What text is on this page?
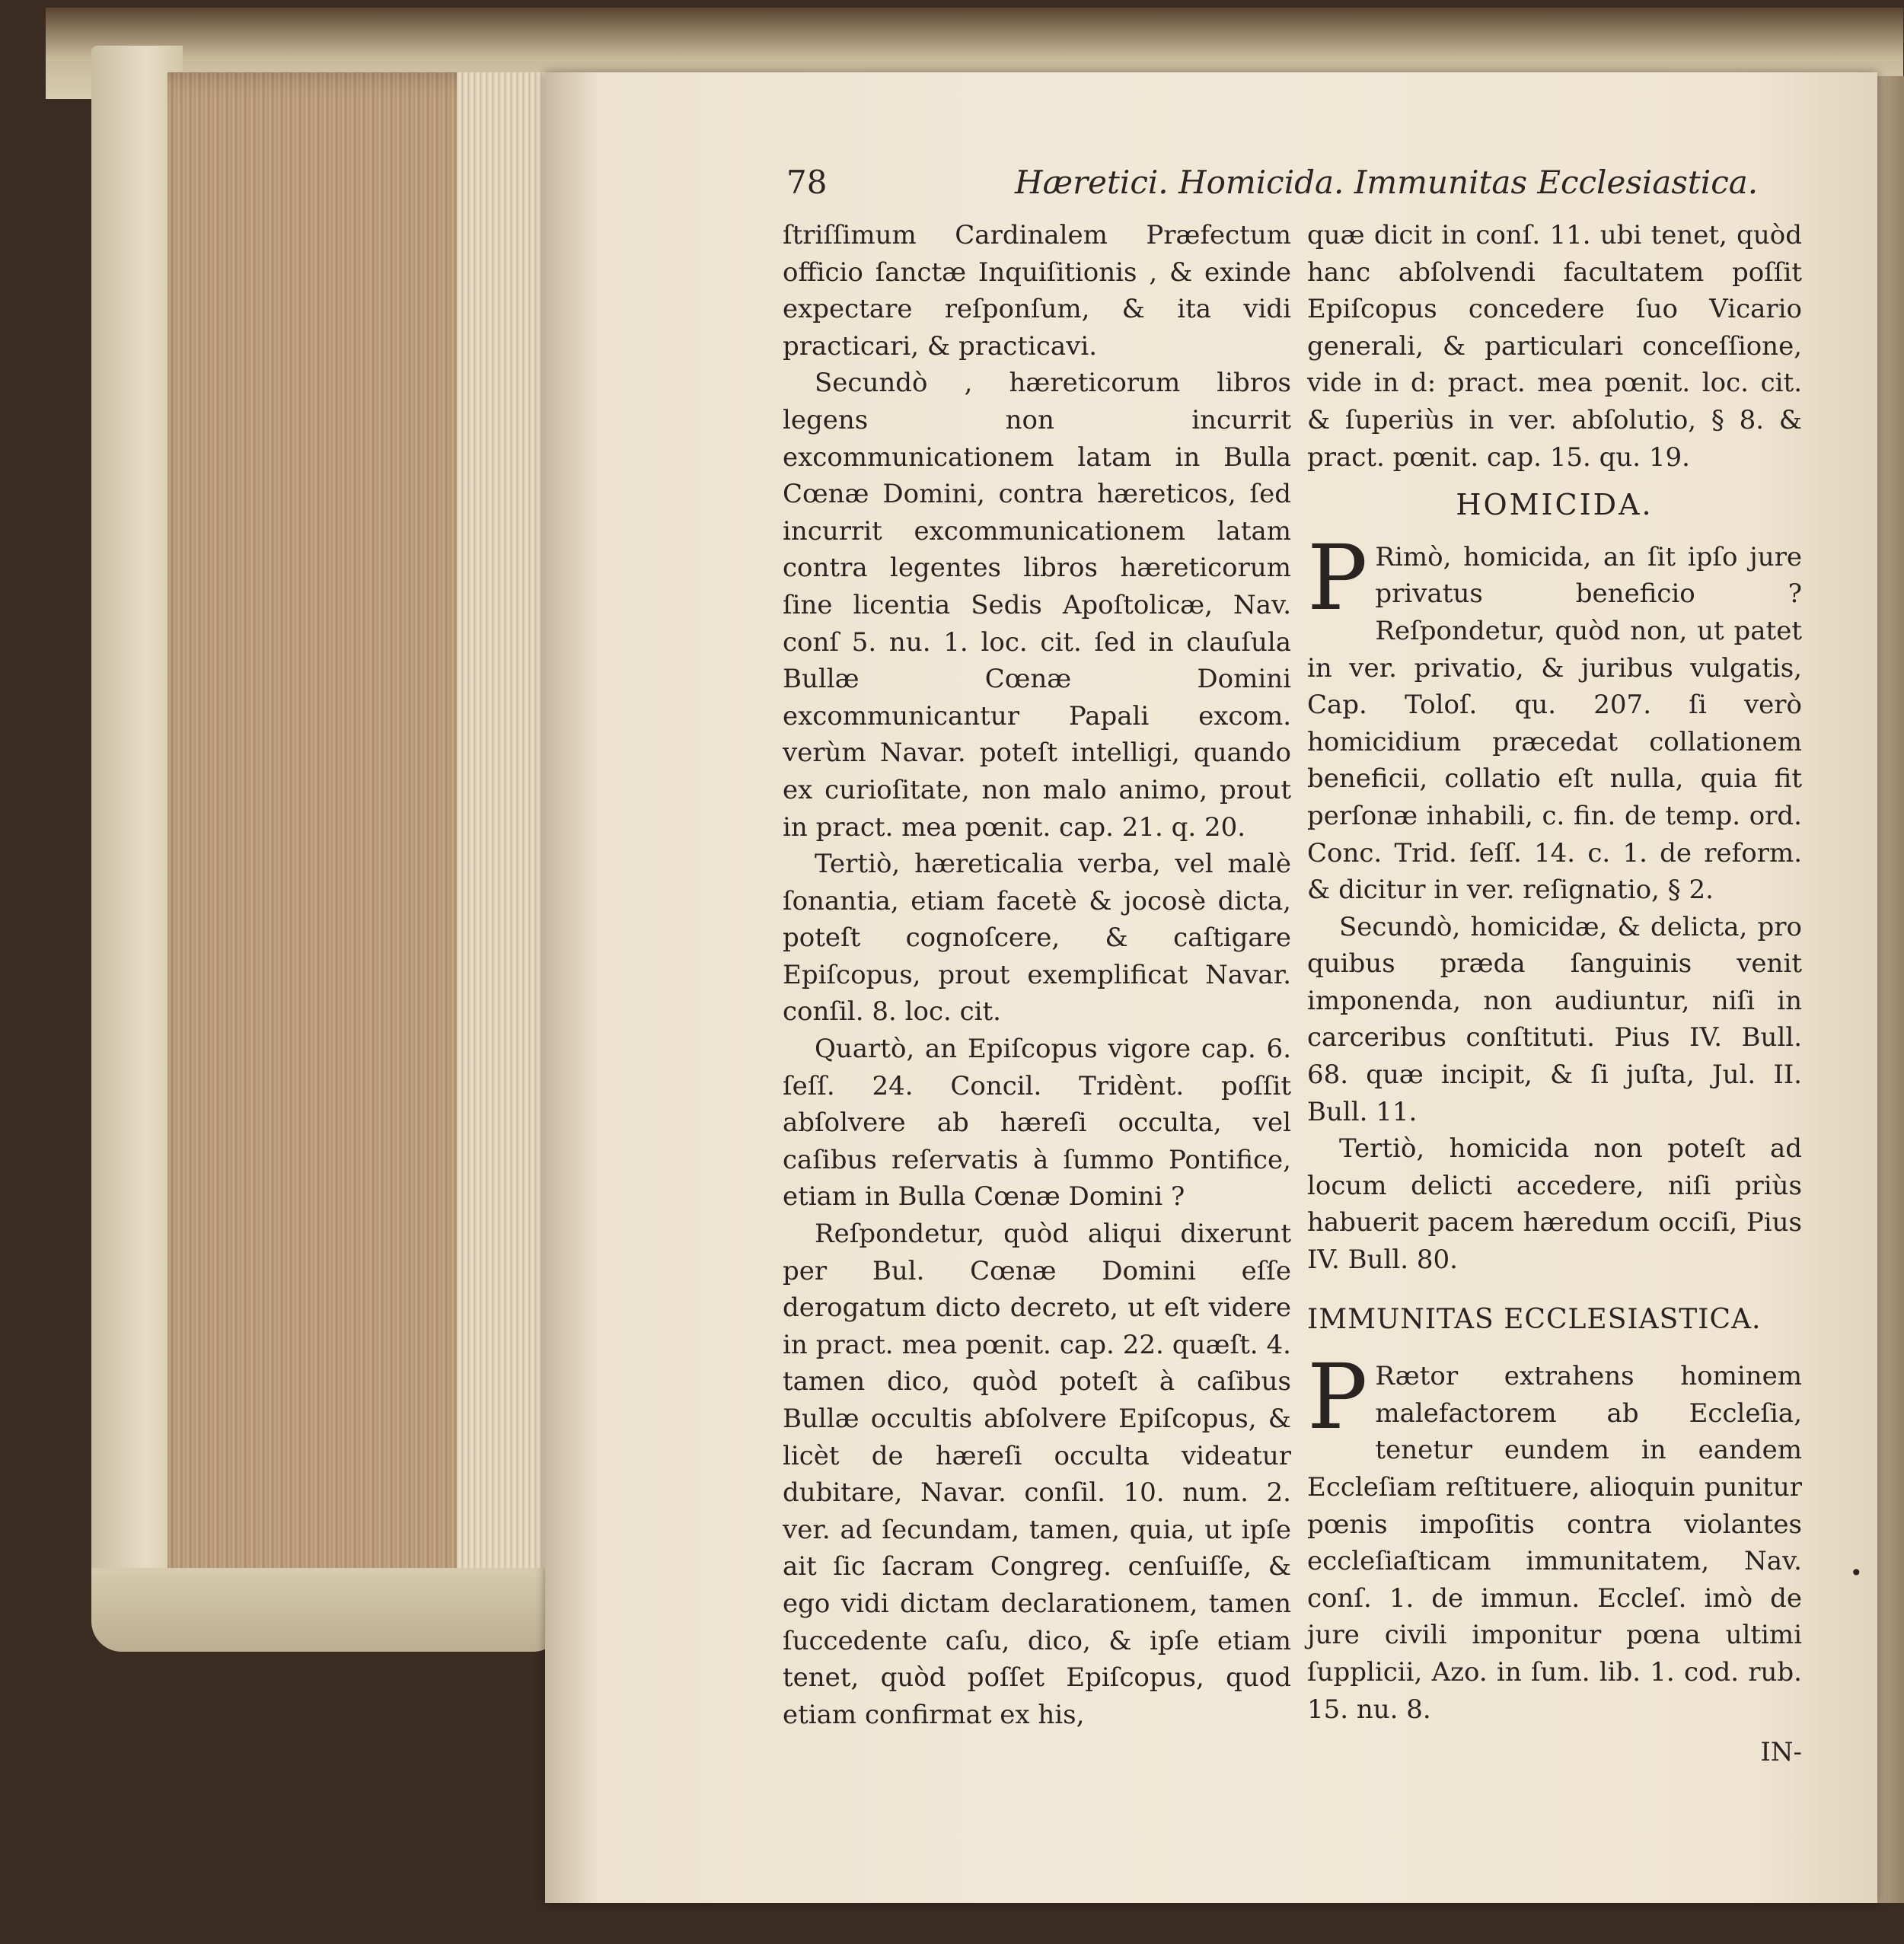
•
78	Hæretici. Homicida. Immunitas Ecclesiastica.

ſtriſſimum Cardinalem Præfectum officio ſanctæ Inquiſitionis , & exinde expectare reſponſum, & ita vidi practicari, & practicavi.

Secundò , hæreticorum libros legens non incurrit excommunicationem latam in Bulla Cœnæ Domini, contra hæreticos, ſed incurrit excommunicationem latam contra legentes libros hæreticorum ſine licentia Sedis Apoſtolicæ, Nav. conſ 5. nu. 1. loc. cit. ſed in clauſula Bullæ Cœnæ Domini excommunicantur Papali excom. verùm Navar. poteſt intelligi, quando ex curioſitate, non malo animo, prout in pract. mea pœnit. cap. 21. q. 20.

Tertiò, hæreticalia verba, vel malè ſonantia, etiam facetè & jocosè dicta, poteſt cognoſcere, & caſtigare Epiſcopus, prout exemplificat Navar. conſil. 8. loc. cit.

Quartò, an Epiſcopus vigore cap. 6. ſeſſ. 24. Concil. Tridènt. poſſit abſolvere ab hæreſi occulta, vel caſibus reſervatis à ſummo Pontifice, etiam in Bulla Cœnæ Domini ?

Reſpondetur, quòd aliqui dixerunt per Bul. Cœnæ Domini eſſe derogatum dicto decreto, ut eſt videre in pract. mea pœnit. cap. 22. quæſt. 4. tamen dico, quòd poteſt à caſibus Bullæ occultis abſolvere Epiſcopus, & licèt de hæreſi occulta videatur dubitare, Navar. conſil. 10. num. 2. ver. ad ſecundam, tamen, quia, ut ipſe ait ſic ſacram Congreg. cenſuiſſe, & ego vidi dictam declarationem, tamen ſuccedente caſu, dico, & ipſe etiam tenet, quòd poſſet Epiſcopus, quod etiam confirmat ex his,

quæ dicit in conſ. 11. ubi tenet, quòd hanc abſolvendi facultatem poſſit Epiſcopus concedere ſuo Vicario generali, & particulari conceſſione, vide in d: pract. mea pœnit. loc. cit. & ſuperiùs in ver. abſolutio, § 8. & pract. pœnit. cap. 15. qu. 19.

HOMICIDA.

P Rimò, homicida, an ſit ipſo jure privatus beneficio ? Reſpondetur, quòd non, ut patet in ver. privatio, & juribus vulgatis, Cap. Toloſ. qu. 207. ſi verò homicidium præcedat collationem beneficii, collatio eſt nulla, quia fit perſonæ inhabili, c. fin. de temp. ord. Conc. Trid. ſeſſ. 14. c. 1. de reform. & dicitur in ver. reſignatio, § 2.

Secundò, homicidæ, & delicta, pro quibus præda ſanguinis venit imponenda, non audiuntur, niſi in carceribus conſtituti. Pius IV. Bull. 68. quæ incipit, & ſi juſta, Jul. II. Bull. 11.

Tertiò, homicida non poteſt ad locum delicti accedere, niſi priùs habuerit pacem hæredum occiſi, Pius IV. Bull. 80.

IMMUNITAS ECCLESIASTICA.

P Rætor extrahens hominem malefactorem ab Eccleſia, tenetur eundem in eandem Eccleſiam reſtituere, alioquin punitur pœnis impoſitis contra violantes eccleſiaſticam immunitatem, Nav. conſ. 1. de immun. Eccleſ. imò de jure civili imponitur pœna ultimi ſupplicii, Azo. in ſum. lib. 1. cod. rub. 15. nu. 8.

IN-
